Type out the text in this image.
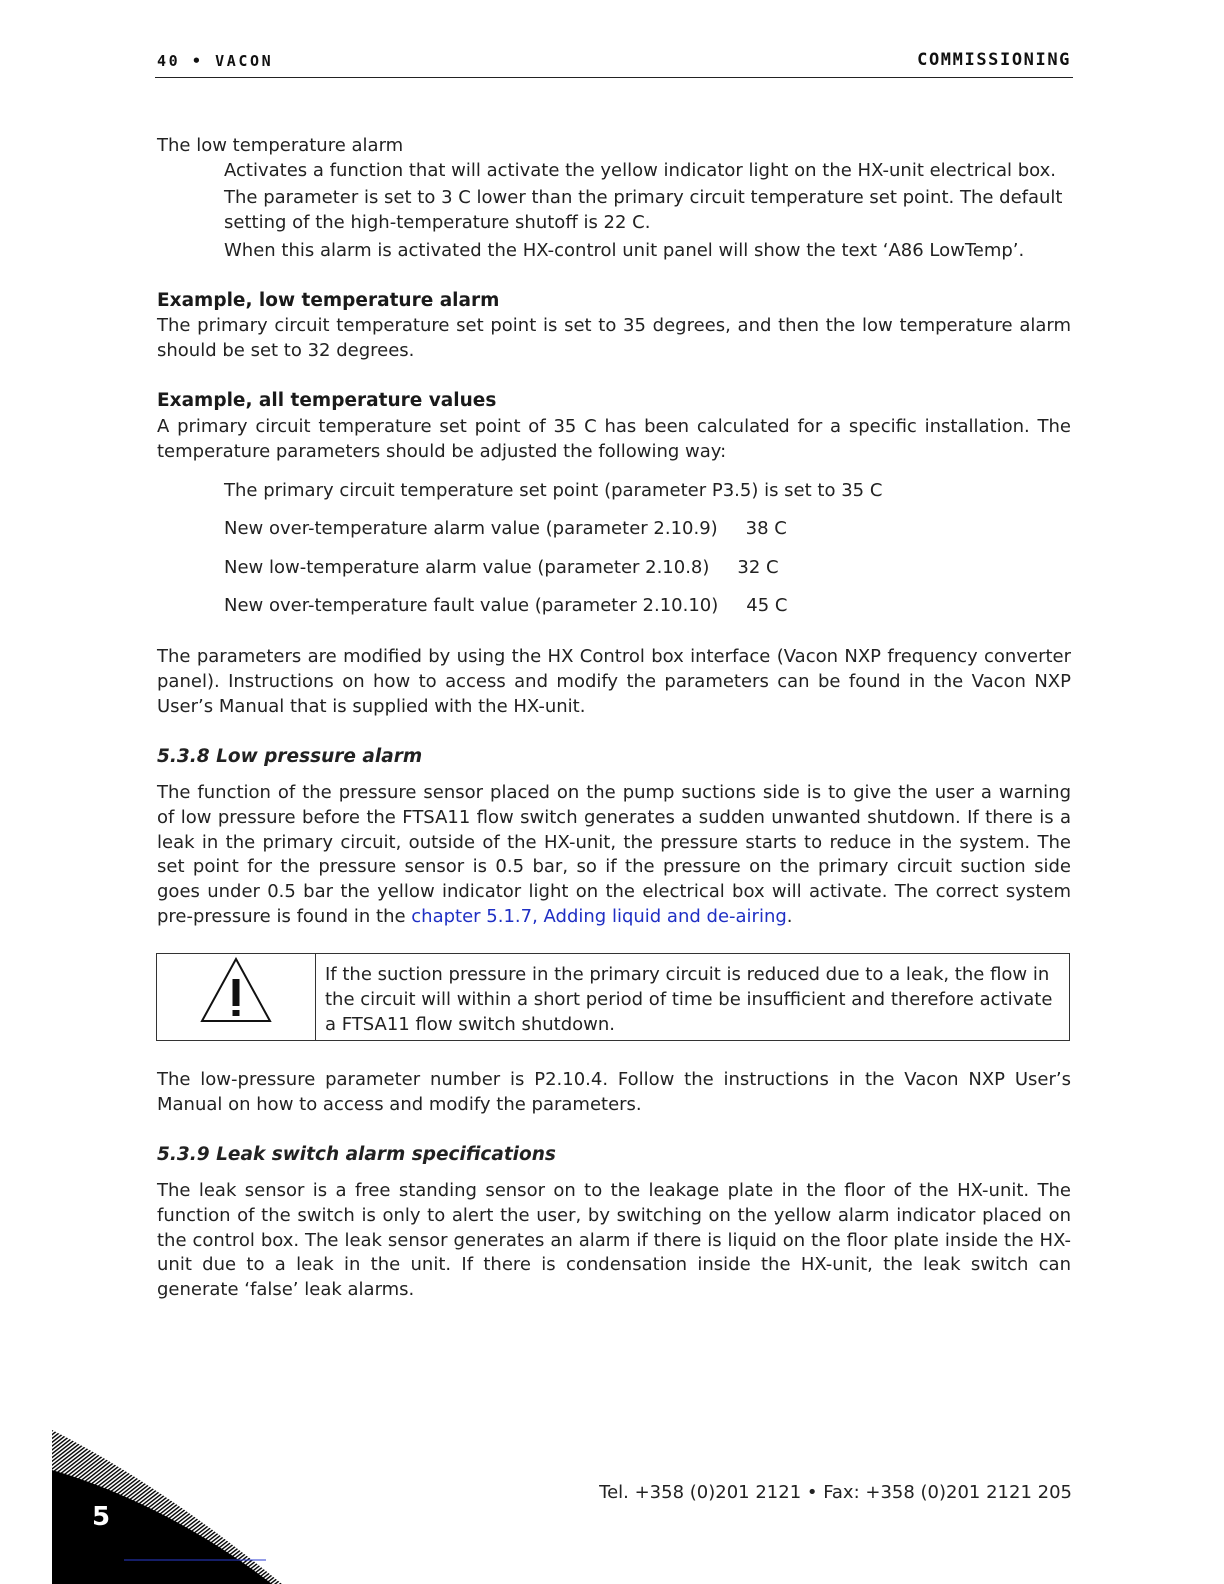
40 • VACON	COMMISSIONING

The low temperature alarm

Activates a function that will activate the yellow indicator light on the HX-unit electrical box.

The parameter is set to 3 C lower than the primary circuit temperature set point. The default setting of the high-temperature shutoff is 22 C.

When this alarm is activated the HX-control unit panel will show the text ‘A86 LowTemp’.

Example, low temperature alarm

The primary circuit temperature set point is set to 35 degrees, and then the low temperature alarm should be set to 32 degrees.

Example, all temperature values

A primary circuit temperature set point of 35 C has been calculated for a specific installation. The temperature parameters should be adjusted the following way:

The primary circuit temperature set point (parameter P3.5) is set to 35 C
New over-temperature alarm value (parameter 2.10.9) 38 C
New low-temperature alarm value (parameter 2.10.8) 32 C
New over-temperature fault value (parameter 2.10.10) 45 C

The parameters are modified by using the HX Control box interface (Vacon NXP frequency converter panel). Instructions on how to access and modify the parameters can be found in the Vacon NXP User’s Manual that is supplied with the HX-unit.

5.3.8 Low pressure alarm

The function of the pressure sensor placed on the pump suctions side is to give the user a warning of low pressure before the FTSA11 flow switch generates a sudden unwanted shutdown. If there is a leak in the primary circuit, outside of the HX-unit, the pressure starts to reduce in the system. The set point for the pressure sensor is 0.5 bar, so if the pressure on the primary circuit suction side goes under 0.5 bar the yellow indicator light on the electrical box will activate. The correct system pre-pressure is found in the chapter 5.1.7, Adding liquid and de-airing.

If the suction pressure in the primary circuit is reduced due to a leak, the flow in the circuit will within a short period of time be insufficient and therefore activate a FTSA11 flow switch shutdown.

The low-pressure parameter number is P2.10.4. Follow the instructions in the Vacon NXP User’s Manual on how to access and modify the parameters.

5.3.9 Leak switch alarm specifications

The leak sensor is a free standing sensor on to the leakage plate in the floor of the HX-unit. The function of the switch is only to alert the user, by switching on the yellow alarm indicator placed on the control box. The leak sensor generates an alarm if there is liquid on the floor plate inside the HX-unit due to a leak in the unit. If there is condensation inside the HX-unit, the leak switch can generate ‘false’ leak alarms.

Tel. +358 (0)201 2121 • Fax: +358 (0)201 2121 205
5
